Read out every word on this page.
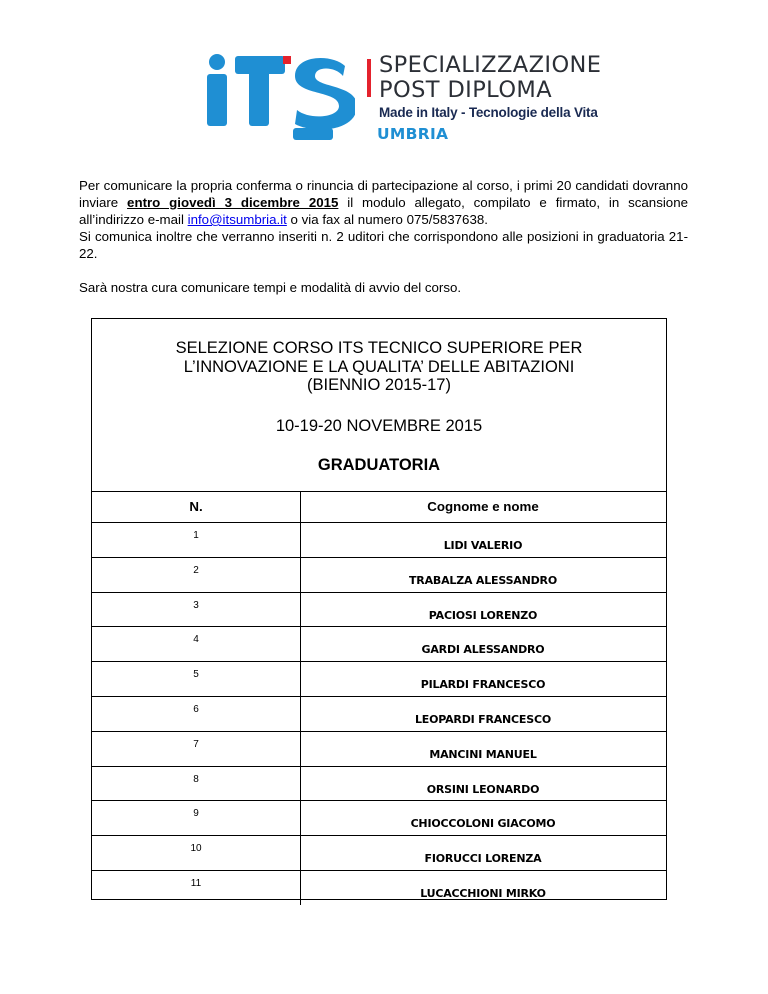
SPECIALIZZAZIONE
POST DIPLOMA
Made in Italy - Tecnologie della Vita
UMBRIA

Per comunicare la propria conferma o rinuncia di partecipazione al corso, i primi 20 candidati dovranno inviare entro giovedì 3 dicembre 2015 il modulo allegato, compilato e firmato, in scansione all’indirizzo e-mail info@itsumbria.it o via fax al numero 075/5837638.

Si comunica inoltre che verranno inseriti n. 2 uditori che corrispondono alle posizioni in graduatoria 21-22.

Sarà nostra cura comunicare tempi e modalità di avvio del corso.

SELEZIONE CORSO ITS TECNICO SUPERIORE PER
L’INNOVAZIONE E LA QUALITA’ DELLE ABITAZIONI
(BIENNIO 2015-17)
10-19-20 NOVEMBRE 2015
GRADUATORIA
N.	Cognome e nome
1
LIDI VALERIO
2
TRABALZA ALESSANDRO
3
PACIOSI LORENZO
4
GARDI ALESSANDRO
5
PILARDI FRANCESCO
6
LEOPARDI FRANCESCO
7
MANCINI MANUEL
8
ORSINI LEONARDO
9
CHIOCCOLONI GIACOMO
10
FIORUCCI LORENZA
11
LUCACCHIONI MIRKO
